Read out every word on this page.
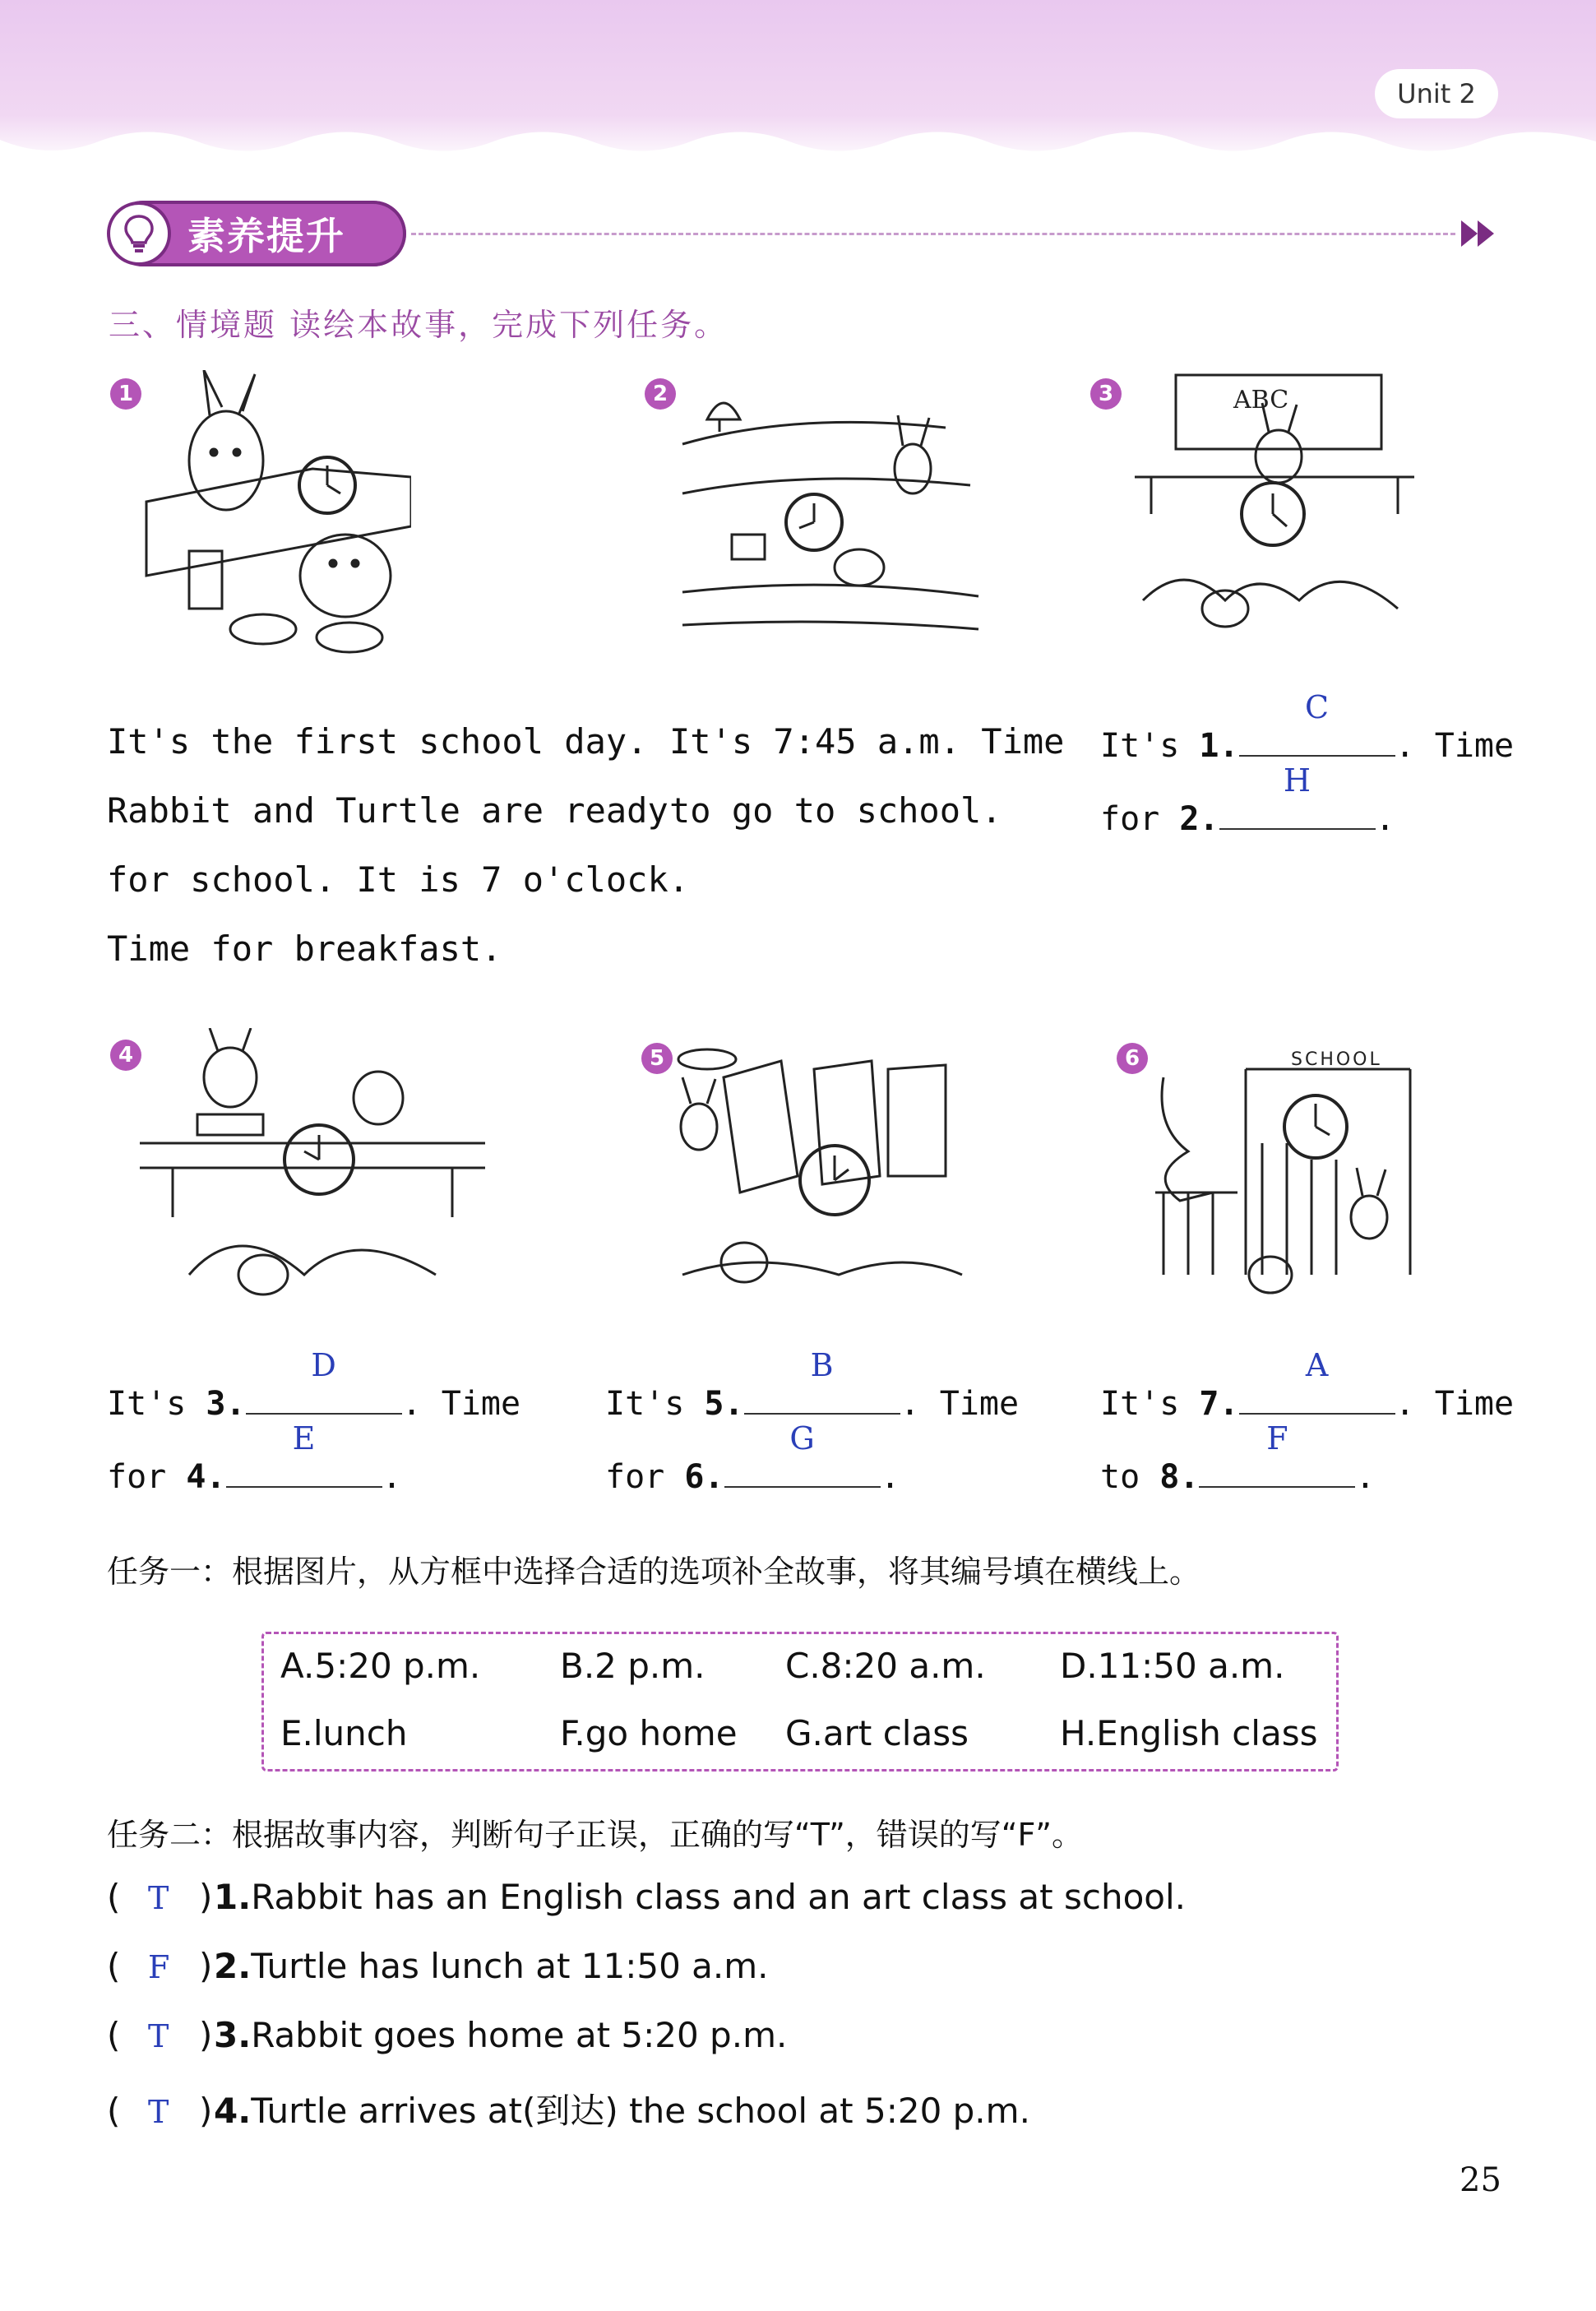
Unit 2
素养提升
三、情境题 读绘本故事，完成下列任务。
1	2	3	ABC
It's the first school day.
Rabbit and Turtle are ready
for school. It is 7 o'clock.
Time for breakfast.
It's 7:45 a.m. Time
to go to school.
It's 1.
C
. Time
for 2.
H
.
4	5	6	SCHOOL
It's 3.
D
. Time
for 4.
E
.
It's 5.
B
. Time
for 6.
G
.
It's 7.
A
. Time
to 8.
F
.
任务一：根据图片，从方框中选择合适的选项补全故事，将其编号填在横线上。
A.5:20 p.m. B.2 p.m. C.8:20 a.m. D.11:50 a.m.
E.lunch	F.go home G.art class	H.English class
任务二：根据故事内容，判断句子正误，正确的写“T”，错误的写“F”。
( T ) 1.Rabbit has an English class and an art class at school.
( F ) 2.Turtle has lunch at 11:50 a.m.
( T ) 3.Rabbit goes home at 5:20 p.m.
( T ) 4.Turtle arrives at(到达) the school at 5:20 p.m.
25
